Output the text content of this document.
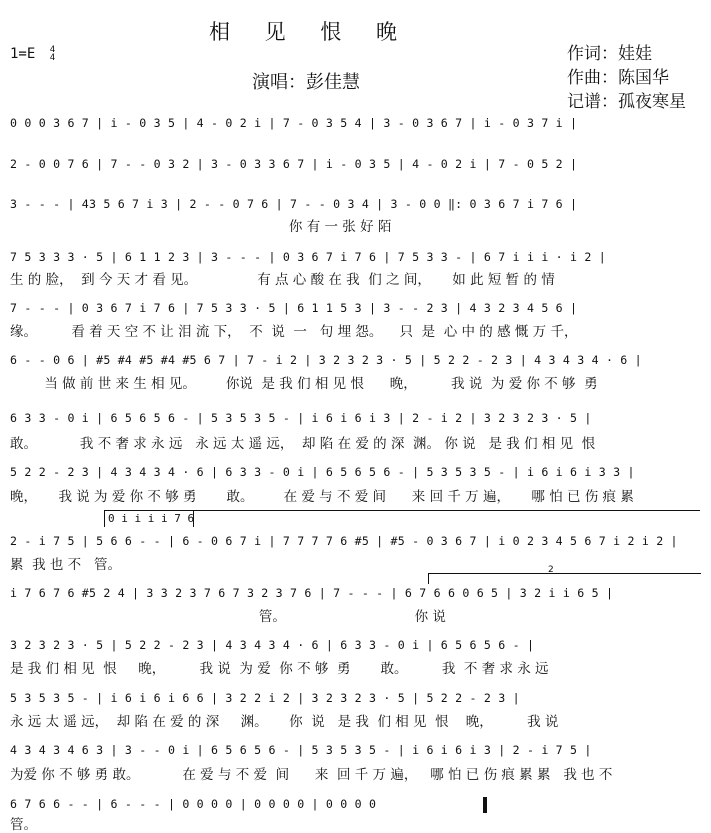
相 见 恨 晚
1=E 4
4
演唱：彭佳慧
作词：娃娃
作曲：陈国华
记谱：孤夜寒星
0 0 0 3 6 7 | i - 0 3 5 | 4 - 0 2 i | 7 - 0 3 5 4 | 3 - 0 3 6 7 | i - 0 3 7 i |
2 - 0 0 7 6 | 7 - - 0 3 2 | 3 - 0 3 3 6 7 | i - 0 3 5 | 4 - 0 2 i | 7 - 0 5 2 |
3 - - - | 43 5 6 7 i 3 | 2 - - 0 7 6 | 7 - - 0 3 4 | 3 - 0 0 ‖: 0 3 6 7 i 7 6 |
你 有 一 张 好 陌
7 5 3 3 3 · 5 | 6 1 1 2 3 | 3 - - - | 0 3 6 7 i 7 6 | 7 5 3 3 - | 6 7 i i i · i 2 |
生 的 脸，  到 今 天 才 看 见。              有 点 心 酸 在 我  们 之 间，     如 此 短 暂 的 情
7 - - - | 0 3 6 7 i 7 6 | 7 5 3 3 · 5 | 6 1 1 5 3 | 3 - - 2 3 | 4 3 2 3 4 5 6 |
缘。        看 着 天 空 不 让 泪 流 下，  不  说  一   句 埋 怨。    只  是  心 中 的 感 慨 万 千，
6 - - 0 6 | #5 #4 #5 #4 #5 6 7 | 7 - i 2 | 3 2 3 2 3 · 5 | 5 2 2 - 2 3 | 4 3 4 3 4 · 6 |
当 做 前 世 来 生 相 见。       你说  是 我 们 相 见 恨      晚，        我 说  为 爱 你 不 够  勇
6 3 3 - 0 i | 6 5 6 5 6 - | 5 3 5 3 5 - | i 6 i 6 i 3 | 2 - i 2 | 3 2 3 2 3 · 5 |
敢。          我 不 奢 求 永 远   永 远 太 遥 远，  却 陷 在 爱 的 深  渊。 你 说   是 我 们 相 见  恨
5 2 2 - 2 3 | 4 3 4 3 4 · 6 | 6 3 3 - 0 i | 6 5 6 5 6 - | 5 3 5 3 5 - | i 6 i 6 i 3 3 |
晚，     我 说 为 爱 你 不 够 勇       敢。       在 爱 与 不 爱 间      来 回 千 万 遍，     哪 怕 已 伤 痕 累
0 i i i i 7 6
2 - i 7 5 | 5 6 6 - - | 6 - 0 6 7 i | 7 7 7 7 6 #5 | #5 - 0 3 6 7 | i 0 2 3 4 5 6 7 i 2 i 2 |
累  我 也 不   管。	2
i 7 6 7 6 #5 2 4 | 3 3 2 3 7 6 7 3 2 3 7 6 | 7 - - - | 6 7 6 6 0 6 5 | 3 2 i i 6 5 |
管。                              你 说
3 2 3 2 3 · 5 | 5 2 2 - 2 3 | 4 3 4 3 4 · 6 | 6 3 3 - 0 i | 6 5 6 5 6 - |
是 我 们 相 见  恨     晚，        我 说  为 爱  你 不 够  勇       敢。        我  不 奢 求 永 远
5 3 5 3 5 - | i 6 i 6 i 6 6 | 3 2 2 i 2 | 3 2 3 2 3 · 5 | 5 2 2 - 2 3 |
永 远 太 遥 远，  却 陷 在 爱 的 深     渊。     你  说   是 我  们 相 见  恨    晚，        我 说
4 3 4 3 4 6 3 | 3 - - 0 i | 6 5 6 5 6 - | 5 3 5 3 5 - | i 6 i 6 i 3 | 2 - i 7 5 |
为爱 你 不 够 勇 敢。          在 爱 与 不 爱  间      来  回 千 万 遍，   哪 怕 已 伤 痕 累 累   我 也 不
6 7 6 6 - - | 6 - - - | 0 0 0 0 | 0 0 0 0 | 0 0 0 0
管。
